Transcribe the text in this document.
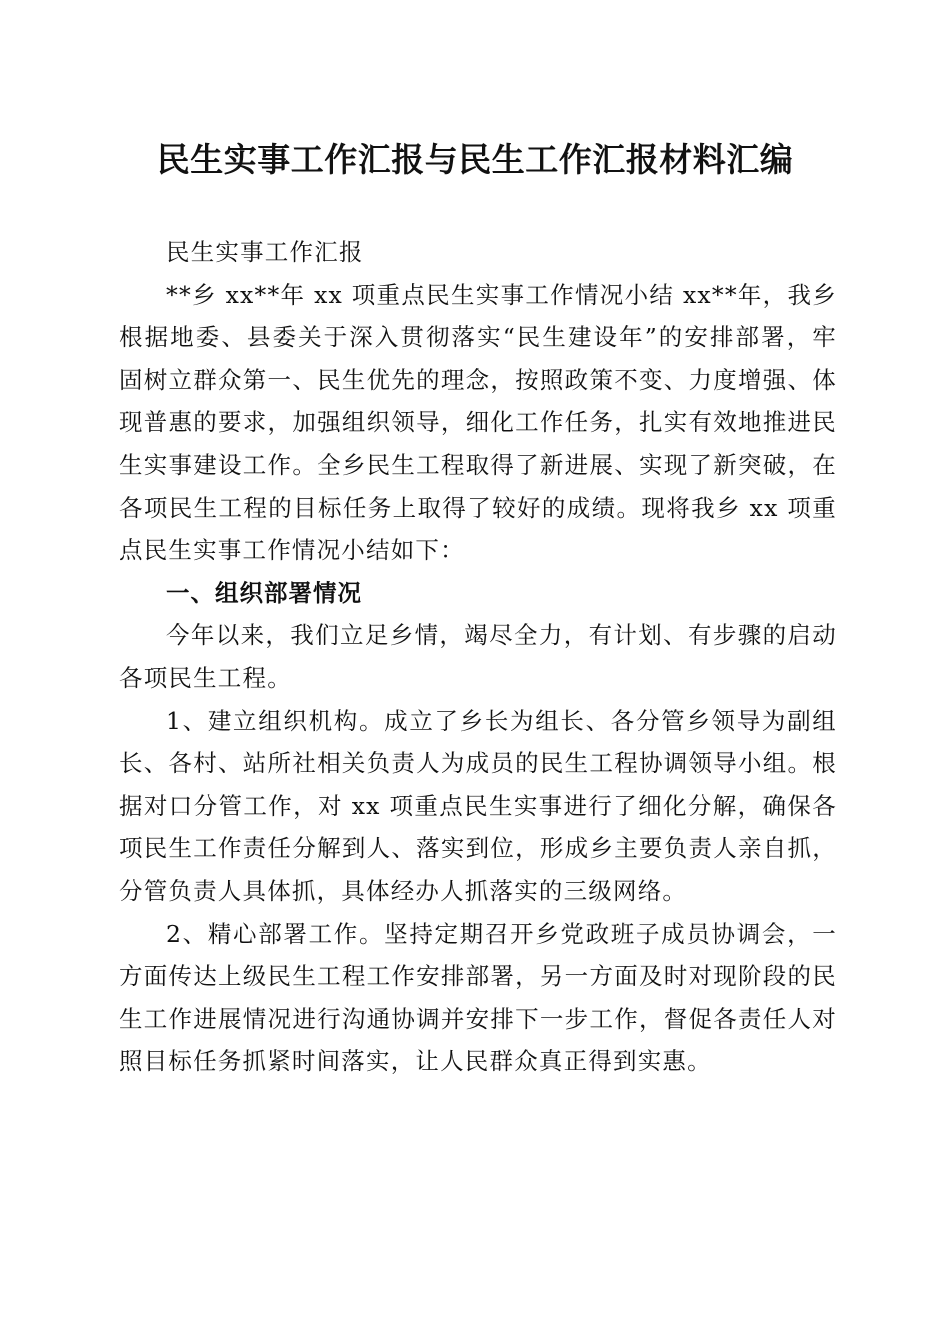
民生实事工作汇报与民生工作汇报材料汇编

民生实事工作汇报

**乡 xx**年 xx 项重点民生实事工作情况小结 xx**年，我乡根据地委、县委关于深入贯彻落实“民生建设年”的安排部署，牢固树立群众第一、民生优先的理念，按照政策不变、力度增强、体现普惠的要求，加强组织领导，细化工作任务，扎实有效地推进民生实事建设工作。全乡民生工程取得了新进展、实现了新突破，在各项民生工程的目标任务上取得了较好的成绩。现将我乡 xx 项重点民生实事工作情况小结如下：

一、组织部署情况

今年以来，我们立足乡情，竭尽全力，有计划、有步骤的启动各项民生工程。

1、建立组织机构。成立了乡长为组长、各分管乡领导为副组长、各村、站所社相关负责人为成员的民生工程协调领导小组。根据对口分管工作，对 xx 项重点民生实事进行了细化分解，确保各项民生工作责任分解到人、落实到位，形成乡主要负责人亲自抓，分管负责人具体抓，具体经办人抓落实的三级网络。

2、精心部署工作。坚持定期召开乡党政班子成员协调会，一方面传达上级民生工程工作安排部署，另一方面及时对现阶段的民生工作进展情况进行沟通协调并安排下一步工作，督促各责任人对照目标任务抓紧时间落实，让人民群众真正得到实惠。
